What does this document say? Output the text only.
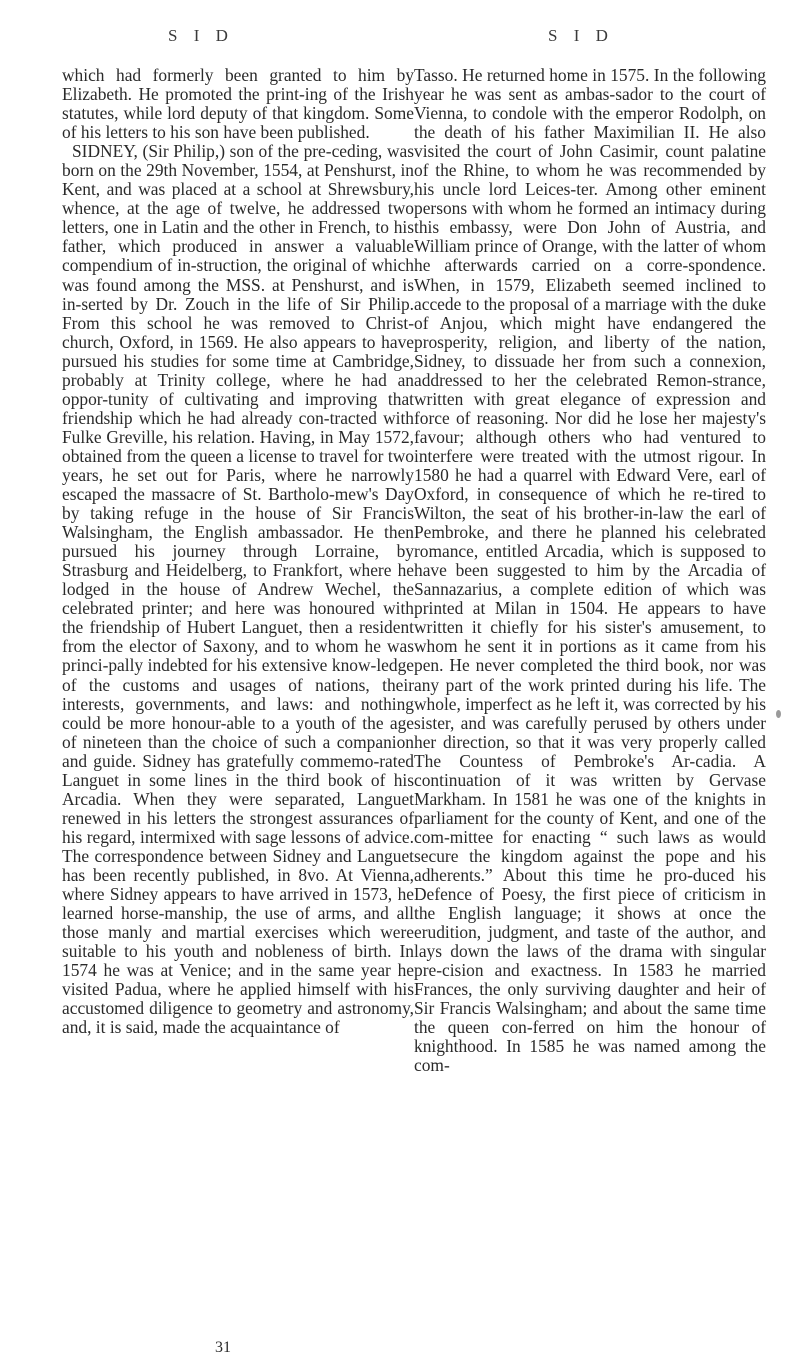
S I D	S I D

which had formerly been granted to him by Elizabeth. He promoted the print-ing of the Irish statutes, while lord deputy of that kingdom. Some of his letters to his son have been published.

SIDNEY, (Sir Philip,) son of the pre-ceding, was born on the 29th November, 1554, at Penshurst, in Kent, and was placed at a school at Shrewsbury, whence, at the age of twelve, he addressed two letters, one in Latin and the other in French, to his father, which produced in answer a valuable compendium of in-struction, the original of which was found among the MSS. at Penshurst, and is in-serted by Dr. Zouch in the life of Sir Philip. From this school he was removed to Christ-church, Oxford, in 1569. He also appears to have pursued his studies for some time at Cambridge, probably at Trinity college, where he had an oppor-tunity of cultivating and improving that friendship which he had already con-tracted with Fulke Greville, his relation. Having, in May 1572, obtained from the queen a license to travel for two years, he set out for Paris, where he narrowly escaped the massacre of St. Bartholo-mew's Day by taking refuge in the house of Sir Francis Walsingham, the English ambassador. He then pursued his journey through Lorraine, by Strasburg and Heidelberg, to Frankfort, where he lodged in the house of Andrew Wechel, the celebrated printer; and here was honoured with the friendship of Hubert Languet, then a resident from the elector of Saxony, and to whom he was princi-pally indebted for his extensive know-ledge of the customs and usages of nations, their interests, governments, and laws: and nothing could be more honour-able to a youth of the age of nineteen than the choice of such a companion and guide. Sidney has gratefully commemo-rated Languet in some lines in the third book of his Arcadia. When they were separated, Languet renewed in his letters the strongest assurances of his regard, intermixed with sage lessons of advice. The correspondence between Sidney and Languet has been recently published, in 8vo. At Vienna, where Sidney appears to have arrived in 1573, he learned horse-manship, the use of arms, and all those manly and martial exercises which were suitable to his youth and nobleness of birth. In 1574 he was at Venice; and in the same year he visited Padua, where he applied himself with his accustomed diligence to geometry and astronomy, and, it is said, made the acquaintance of

Tasso. He returned home in 1575. In the following year he was sent as ambas-sador to the court of Vienna, to condole with the emperor Rodolph, on the death of his father Maximilian II. He also visited the court of John Casimir, count palatine of the Rhine, to whom he was recommended by his uncle lord Leices-ter. Among other eminent persons with whom he formed an intimacy during this embassy, were Don John of Austria, and William prince of Orange, with the latter of whom he afterwards carried on a corre-spondence. When, in 1579, Elizabeth seemed inclined to accede to the proposal of a marriage with the duke of Anjou, which might have endangered the prosperity, religion, and liberty of the nation, Sidney, to dissuade her from such a connexion, addressed to her the celebrated Remon-strance, written with great elegance of expression and force of reasoning. Nor did he lose her majesty's favour; although others who had ventured to interfere were treated with the utmost rigour. In 1580 he had a quarrel with Edward Vere, earl of Oxford, in consequence of which he re-tired to Wilton, the seat of his brother-in-law the earl of Pembroke, and there he planned his celebrated romance, entitled Arcadia, which is supposed to have been suggested to him by the Arcadia of Sannazarius, a complete edition of which was printed at Milan in 1504. He appears to have written it chiefly for his sister's amusement, to whom he sent it in portions as it came from his pen. He never completed the third book, nor was any part of the work printed during his life. The whole, imperfect as he left it, was corrected by his sister, and was carefully perused by others under her direction, so that it was very properly called The Countess of Pembroke's Ar-cadia. A continuation of it was written by Gervase Markham. In 1581 he was one of the knights in parliament for the county of Kent, and one of the com-mittee for enacting “ such laws as would secure the kingdom against the pope and his adherents.” About this time he pro-duced his Defence of Poesy, the first piece of criticism in the English language; it shows at once the erudition, judgment, and taste of the author, and lays down the laws of the drama with singular pre-cision and exactness. In 1583 he married Frances, the only surviving daughter and heir of Sir Francis Walsingham; and about the same time the queen con-ferred on him the honour of knighthood. In 1585 he was named among the com-

31
